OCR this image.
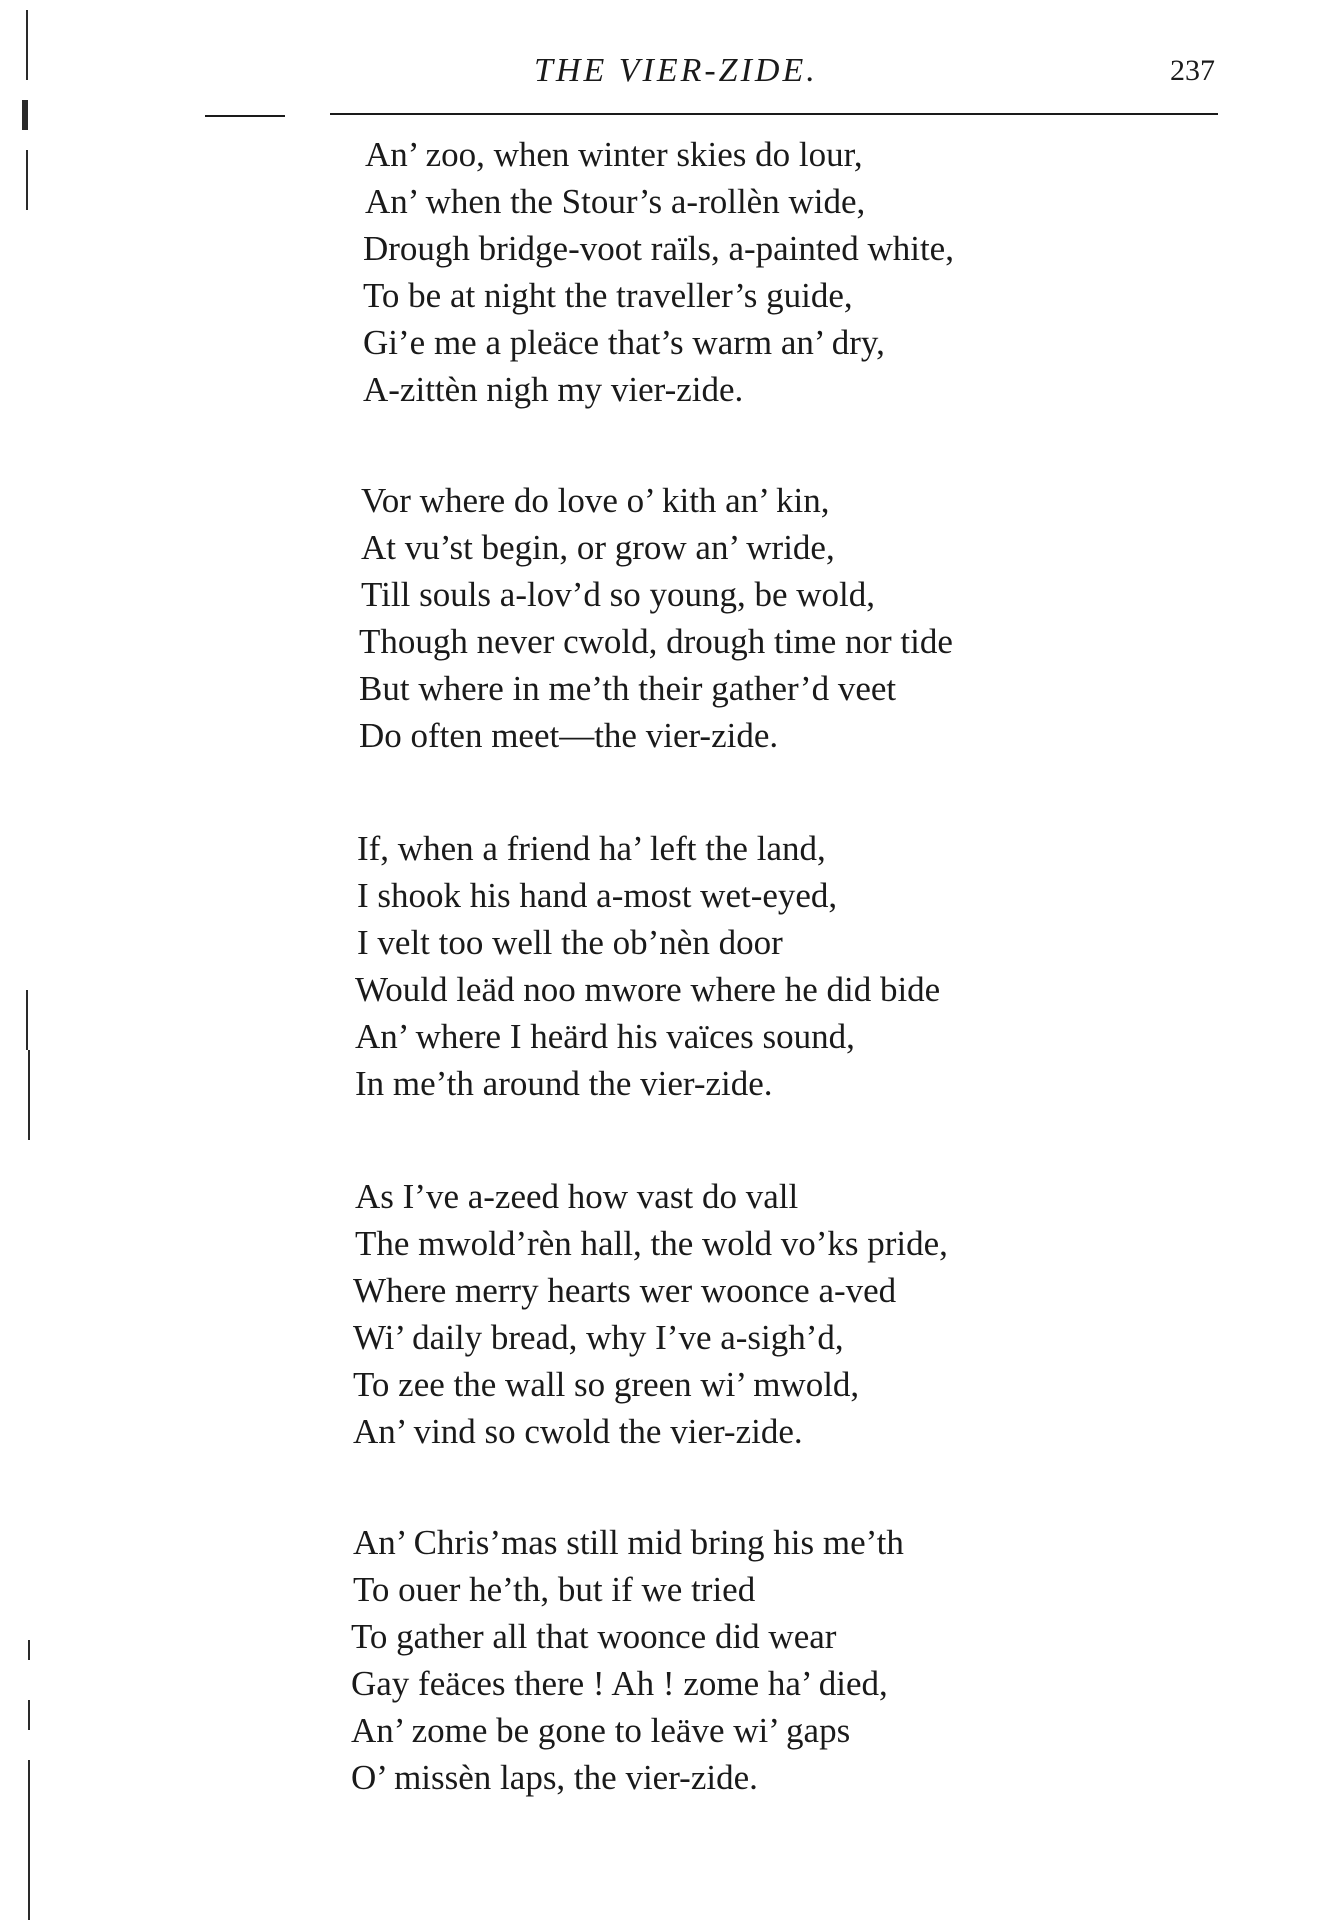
THE VIER-ZIDE.	237
An’ zoo, when winter skies do lour,
An’ when the Stour’s a-rollèn wide,
Drough bridge-voot raïls, a-painted white,
To be at night the traveller’s guide,
Gi’e me a pleäce that’s warm an’ dry,
A-zittèn nigh my vier-zide.
Vor where do love o’ kith an’ kin,
At vu’st begin, or grow an’ wride,
Till souls a-lov’d so young, be wold,
Though never cwold, drough time nor tide
But where in me’th their gather’d veet
Do often meet—the vier-zide.
If, when a friend ha’ left the land,
I shook his hand a-most wet-eyed,
I velt too well the ob’nèn door
Would leäd noo mwore where he did bide
An’ where I heärd his vaïces sound,
In me’th around the vier-zide.
As I’ve a-zeed how vast do vall
The mwold’rèn hall, the wold vo’ks pride,
Where merry hearts wer woonce a-ved
Wi’ daily bread, why I’ve a-sigh’d,
To zee the wall so green wi’ mwold,
An’ vind so cwold the vier-zide.
An’ Chris’mas still mid bring his me’th
To ouer he’th, but if we tried
To gather all that woonce did wear
Gay feäces there ! Ah ! zome ha’ died,
An’ zome be gone to leäve wi’ gaps
O’ missèn laps, the vier-zide.
